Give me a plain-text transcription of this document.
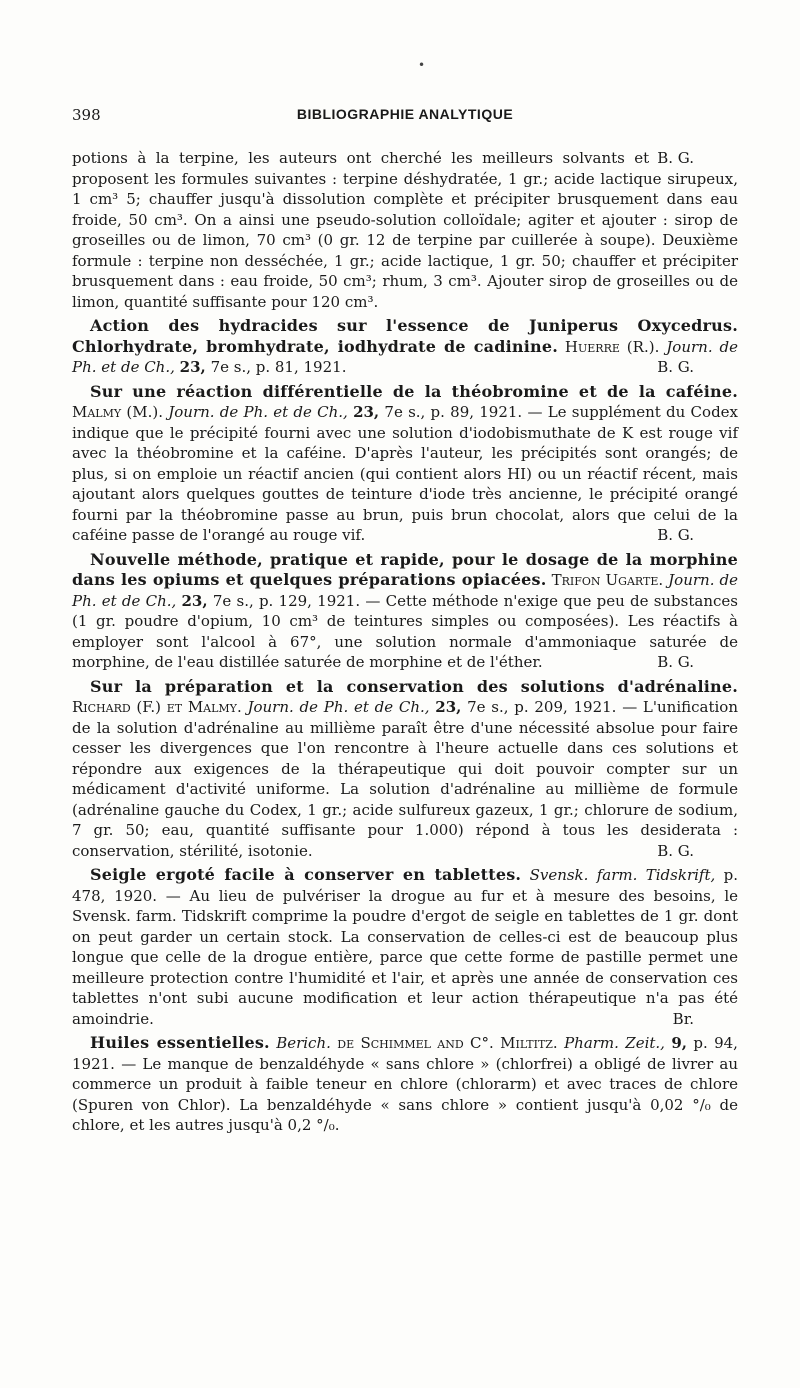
•
398	BIBLIOGRAPHIE ANALYTIQUE

B. G.
potions à la terpine, les auteurs ont cherché les meilleurs solvants et proposent les formules suivantes : terpine déshydratée, 1 gr.; acide lactique sirupeux, 1 cm³ 5; chauffer jusqu'à dissolution complète et précipiter brusquement dans eau froide, 50 cm³. On a ainsi une pseudo-solution colloïdale; agiter et ajouter : sirop de groseilles ou de limon, 70 cm³ (0 gr. 12 de terpine par cuillerée à soupe). Deuxième formule : terpine non desséchée, 1 gr.; acide lactique, 1 gr. 50; chauffer et précipiter brusquement dans : eau froide, 50 cm³; rhum, 3 cm³. Ajouter sirop de groseilles ou de limon, quantité suffisante pour 120 cm³.

Action des hydracides sur l'essence de Juniperus Oxycedrus. Chlorhydrate, bromhydrate, iodhydrate de cadinine. Huerre (R.). Journ. de Ph. et de Ch., 23, 7e s., p. 81, 1921.	B. G.

Sur une réaction différentielle de la théobromine et de la caféine. Malmy (M.). Journ. de Ph. et de Ch., 23, 7e s., p. 89, 1921. — Le supplément du Codex indique que le précipité fourni avec une solution d'iodobismuthate de K est rouge vif avec la théobromine et la caféine. D'après l'auteur, les précipités sont orangés; de plus, si on emploie un réactif ancien (qui contient alors HI) ou un réactif récent, mais ajoutant alors quelques gouttes de teinture d'iode très ancienne, le précipité orangé fourni par la théobromine passe au brun, puis brun chocolat, alors que celui de la caféine passe de l'orangé au rouge vif.	B. G.

Nouvelle méthode, pratique et rapide, pour le dosage de la morphine dans les opiums et quelques préparations opiacées. Trifon Ugarte. Journ. de Ph. et de Ch., 23, 7e s., p. 129, 1921. — Cette méthode n'exige que peu de substances (1 gr. poudre d'opium, 10 cm³ de teintures simples ou composées). Les réactifs à employer sont l'alcool à 67°, une solution normale d'ammoniaque saturée de morphine, de l'eau distillée saturée de morphine et de l'éther.	B. G.

Sur la préparation et la conservation des solutions d'adrénaline. Richard (F.) et Malmy. Journ. de Ph. et de Ch., 23, 7e s., p. 209, 1921. — L'unification de la solution d'adrénaline au millième paraît être d'une nécessité absolue pour faire cesser les divergences que l'on rencontre à l'heure actuelle dans ces solutions et répondre aux exigences de la thérapeutique qui doit pouvoir compter sur un médicament d'activité uniforme. La solution d'adrénaline au millième de formule (adrénaline gauche du Codex, 1 gr.; acide sulfureux gazeux, 1 gr.; chlorure de sodium, 7 gr. 50; eau, quantité suffisante pour 1.000) répond à tous les desiderata : conservation, stérilité, isotonie.	B. G.

Seigle ergoté facile à conserver en tablettes. Svensk. farm. Tidskrift, p. 478, 1920. — Au lieu de pulvériser la drogue au fur et à mesure des besoins, le Svensk. farm. Tidskrift comprime la poudre d'ergot de seigle en tablettes de 1 gr. dont on peut garder un certain stock. La conservation de celles-ci est de beaucoup plus longue que celle de la drogue entière, parce que cette forme de pastille permet une meilleure protection contre l'humidité et l'air, et après une année de conservation ces tablettes n'ont subi aucune modification et leur action thérapeutique n'a pas été amoindrie.	Br.

Huiles essentielles. Berich. de Schimmel and C°. Miltitz. Pharm. Zeit., 9, p. 94, 1921. — Le manque de benzaldéhyde « sans chlore » (chlorfrei) a obligé de livrer au commerce un produit à faible teneur en chlore (chlorarm) et avec traces de chlore (Spuren von Chlor). La benzaldéhyde « sans chlore » contient jusqu'à 0,02 °/₀ de chlore, et les autres jusqu'à 0,2 °/₀.
